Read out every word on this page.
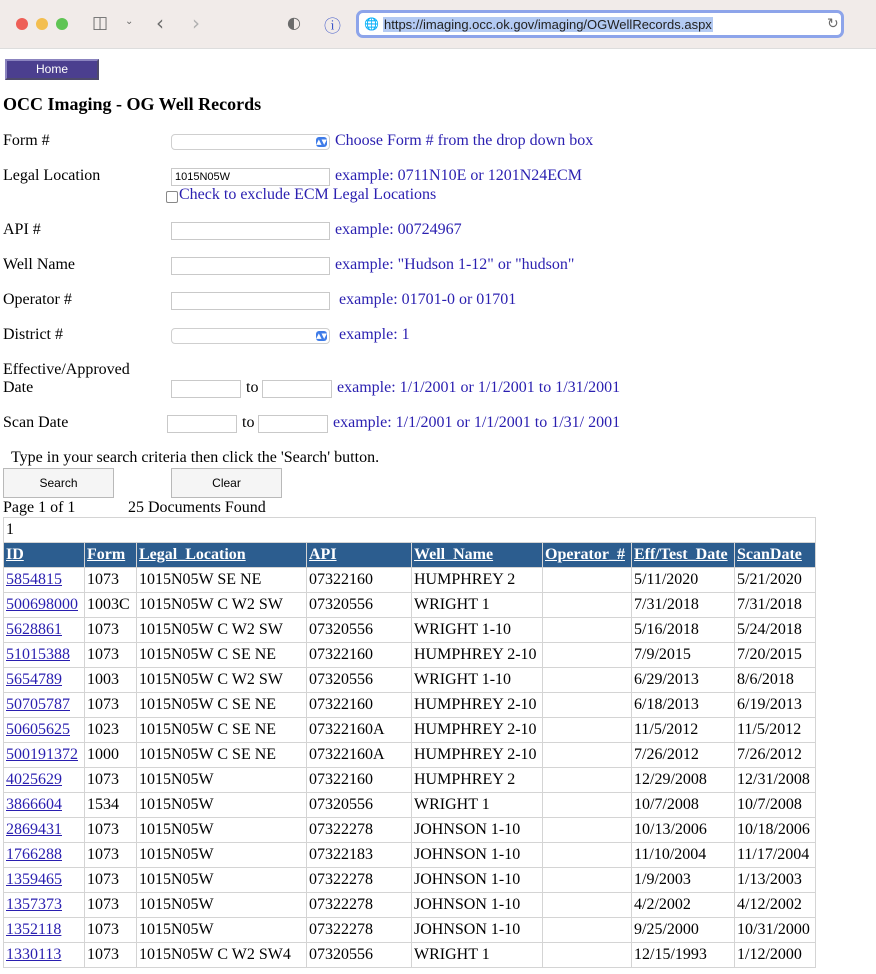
◫ ⌄ ‹ ›	◐ ⓘ 🌐 https://imaging.occ.ok.gov/imaging/OGWellRecords.aspx	↻
Home
OCC Imaging - OG Well Records
Form #	▲▼ Choose Form # from the drop down box
Legal Location
1015N05W	example: 0711N10E or 1201N24ECM
Check to exclude ECM Legal Locations
API #	example: 00724967
Well Name	example: "Hudson 1-12" or "hudson"
Operator #	example: 01701-0 or 01701
District #	▲▼ example: 1
Effective/Approved
Date	to	example: 1/1/2001 or 1/1/2001 to 1/31/2001
Scan Date	to	example: 1/1/2001 or 1/1/2001 to 1/31/ 2001
Type in your search criteria then click the 'Search' button.
Search	Clear
Page 1 of 1	25 Documents Found
1							
ID	Form	Legal_Location	API	Well_Name	Operator_#	Eff/Test_Date	ScanDate
5854815	1073	1015N05W SE NE	07322160	HUMPHREY 2		5/11/2020	5/21/2020
500698000	1003C	1015N05W C W2 SW	07320556	WRIGHT 1		7/31/2018	7/31/2018
5628861	1073	1015N05W C W2 SW	07320556	WRIGHT 1-10		5/16/2018	5/24/2018
51015388	1073	1015N05W C SE NE	07322160	HUMPHREY 2-10		7/9/2015	7/20/2015
5654789	1003	1015N05W C W2 SW	07320556	WRIGHT 1-10		6/29/2013	8/6/2018
50705787	1073	1015N05W C SE NE	07322160	HUMPHREY 2-10		6/18/2013	6/19/2013
50605625	1023	1015N05W C SE NE	07322160A	HUMPHREY 2-10		11/5/2012	11/5/2012
500191372	1000	1015N05W C SE NE	07322160A	HUMPHREY 2-10		7/26/2012	7/26/2012
4025629	1073	1015N05W	07322160	HUMPHREY 2		12/29/2008	12/31/2008
3866604	1534	1015N05W	07320556	WRIGHT 1		10/7/2008	10/7/2008
2869431	1073	1015N05W	07322278	JOHNSON 1-10		10/13/2006	10/18/2006
1766288	1073	1015N05W	07322183	JOHNSON 1-10		11/10/2004	11/17/2004
1359465	1073	1015N05W	07322278	JOHNSON 1-10		1/9/2003	1/13/2003
1357373	1073	1015N05W	07322278	JOHNSON 1-10		4/2/2002	4/12/2002
1352118	1073	1015N05W	07322278	JOHNSON 1-10		9/25/2000	10/31/2000
1330113	1073	1015N05W C W2 SW4	07320556	WRIGHT 1		12/15/1993	1/12/2000
